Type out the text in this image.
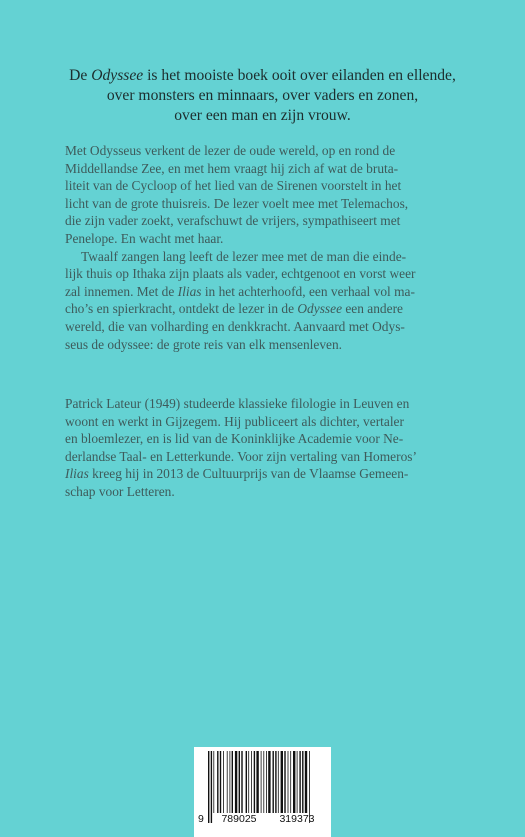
De Odyssee is het mooiste boek ooit over eilanden en ellende,
over monsters en minnaars, over vaders en zonen,
over een man en zijn vrouw.
Met Odysseus verkent de lezer de oude wereld, op en rond de
Middellandse Zee, en met hem vraagt hij zich af wat de bruta-
liteit van de Cycloop of het lied van de Sirenen voorstelt in het
licht van de grote thuisreis. De lezer voelt mee met Telemachos,
die zijn vader zoekt, verafschuwt de vrijers, sympathiseert met
Penelope. En wacht met haar.
Twaalf zangen lang leeft de lezer mee met de man die einde-
lijk thuis op Ithaka zijn plaats als vader, echtgenoot en vorst weer
zal innemen. Met de Ilias in het achterhoofd, een verhaal vol ma-
cho’s en spierkracht, ontdekt de lezer in de Odyssee een andere
wereld, die van volharding en denkkracht. Aanvaard met Odys-
seus de odyssee: de grote reis van elk mensenleven.
Patrick Lateur (1949) studeerde klassieke filologie in Leuven en
woont en werkt in Gijzegem. Hij publiceert als dichter, vertaler
en bloemlezer, en is lid van de Koninklijke Academie voor Ne-
derlandse Taal- en Letterkunde. Voor zijn vertaling van Homeros’
Ilias kreeg hij in 2013 de Cultuurprijs van de Vlaamse Gemeen-
schap voor Letteren.
9	789025	319373
